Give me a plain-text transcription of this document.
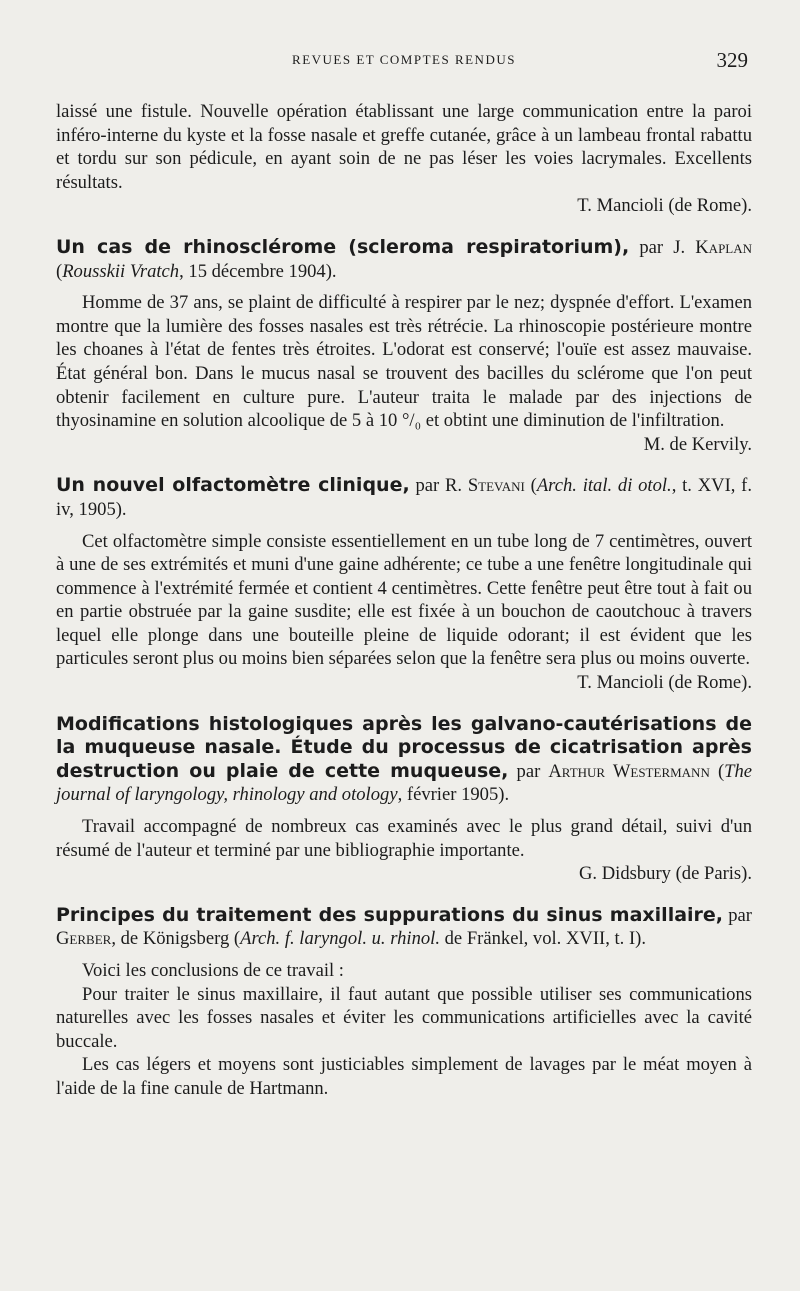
REVUES ET COMPTES RENDUS	329

laissé une fistule. Nouvelle opération établissant une large communication entre la paroi inféro-interne du kyste et la fosse nasale et greffe cutanée, grâce à un lambeau frontal rabattu et tordu sur son pédicule, en ayant soin de ne pas léser les voies lacrymales. Excellents résultats.

T. Mancioli (de Rome).
Un cas de rhinosclérome (scleroma respiratorium), par J. Kaplan (Rousskii Vratch, 15 décembre 1904).

Homme de 37 ans, se plaint de difficulté à respirer par le nez; dyspnée d'effort. L'examen montre que la lumière des fosses nasales est très rétrécie. La rhinoscopie postérieure montre les choanes à l'état de fentes très étroites. L'odorat est conservé; l'ouïe est assez mauvaise. État général bon. Dans le mucus nasal se trouvent des bacilles du sclérome que l'on peut obtenir facilement en culture pure. L'auteur traita le malade par des injections de thyosinamine en solution alcoolique de 5 à 10 °/₀ et obtint une diminution de l'infiltration.

M. de Kervily.
Un nouvel olfactomètre clinique, par R. Stevani (Arch. ital. di otol., t. XVI, f. iv, 1905).

Cet olfactomètre simple consiste essentiellement en un tube long de 7 centimètres, ouvert à une de ses extrémités et muni d'une gaine adhérente; ce tube a une fenêtre longitudinale qui commence à l'extrémité fermée et contient 4 centimètres. Cette fenêtre peut être tout à fait ou en partie obstruée par la gaine susdite; elle est fixée à un bouchon de caoutchouc à travers lequel elle plonge dans une bouteille pleine de liquide odorant; il est évident que les particules seront plus ou moins bien séparées selon que la fenêtre sera plus ou moins ouverte.

T. Mancioli (de Rome).
Modifications histologiques après les galvano-cautérisations de la muqueuse nasale. Étude du processus de cicatrisation après destruction ou plaie de cette muqueuse, par Arthur Westermann (The journal of laryngology, rhinology and otology, février 1905).

Travail accompagné de nombreux cas examinés avec le plus grand détail, suivi d'un résumé de l'auteur et terminé par une bibliographie importante.

G. Didsbury (de Paris).
Principes du traitement des suppurations du sinus maxillaire, par Gerber, de Königsberg (Arch. f. laryngol. u. rhinol. de Fränkel, vol. XVII, t. I).

Voici les conclusions de ce travail :

Pour traiter le sinus maxillaire, il faut autant que possible utiliser ses communications naturelles avec les fosses nasales et éviter les communications artificielles avec la cavité buccale.

Les cas légers et moyens sont justiciables simplement de lavages par le méat moyen à l'aide de la fine canule de Hartmann.
